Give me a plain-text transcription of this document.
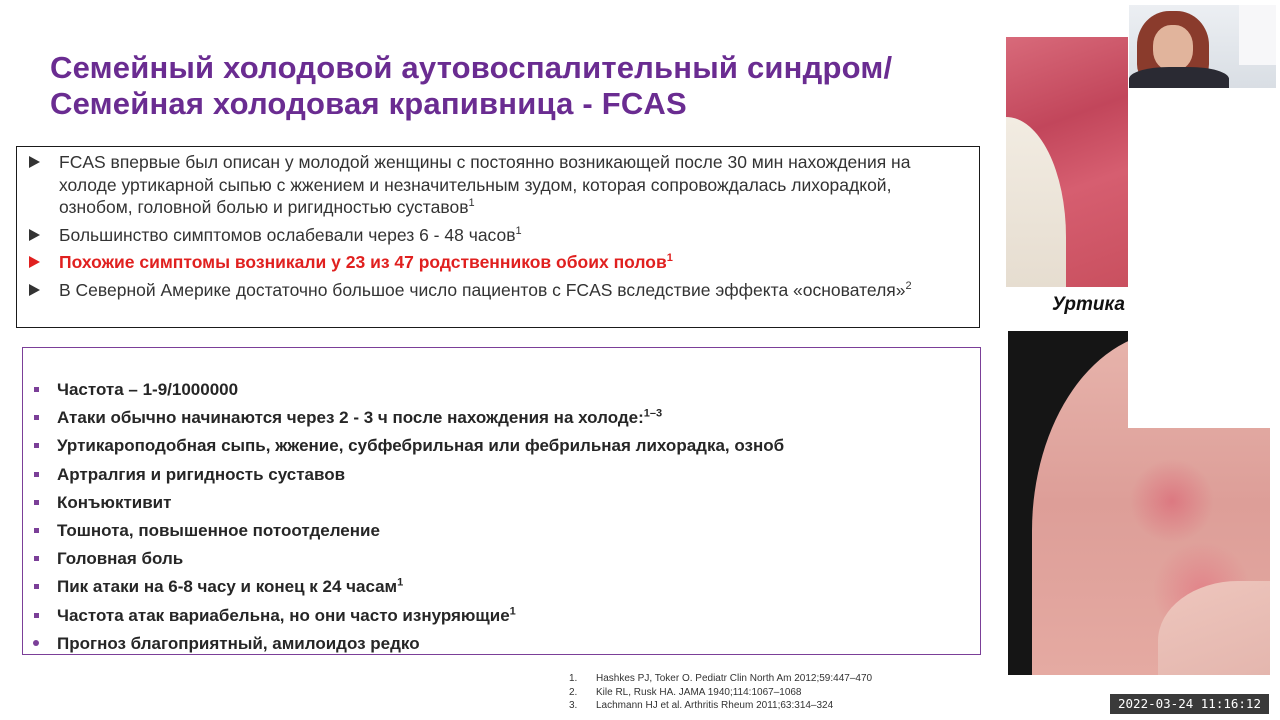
Семейный холодовой аутовоспалительный синдром/ Семейная холодовая крапивница - FCAS
FCAS впервые был описан у молодой женщины с постоянно возникающей после 30 мин нахождения на холоде уртикарной сыпью с жжением и незначительным зудом, которая сопровождалась лихорадкой, ознобом, головной болью и ригидностью суставов$^1$
Большинство симптомов ослабевали через 6 - 48 часов$^1$
Похожие симптомы возникали у 23 из 47 родственников обоих полов$^1$
В Северной Америке достаточно большое число пациентов с FCAS вследствие эффекта «основателя»$^2$
Частота – 1-9/1000000
Атаки обычно начинаются через 2 - 3 ч после нахождения на холоде:$^{1-3}$
Уртикароподобная сыпь, жжение, субфебрильная или фебрильная лихорадка, озноб
Артралгия и ригидность суставов
Конъюктивит
Тошнота, повышенное потоотделение
Головная боль
Пик атаки на 6-8 часу и конец к 24 часам$^1$
Частота атак вариабельна, но они часто изнуряющие$^1$
Прогноз благоприятный, амилоидоз редко
Уртика
1. Hashkes PJ, Toker O. Pediatr Clin North Am 2012;59:447–470
2. Kile RL, Rusk HA. JAMA 1940;114:1067–1068
3. Lachmann HJ et al. Arthritis Rheum 2011;63:314–324	2022-03-24 11:16:12
